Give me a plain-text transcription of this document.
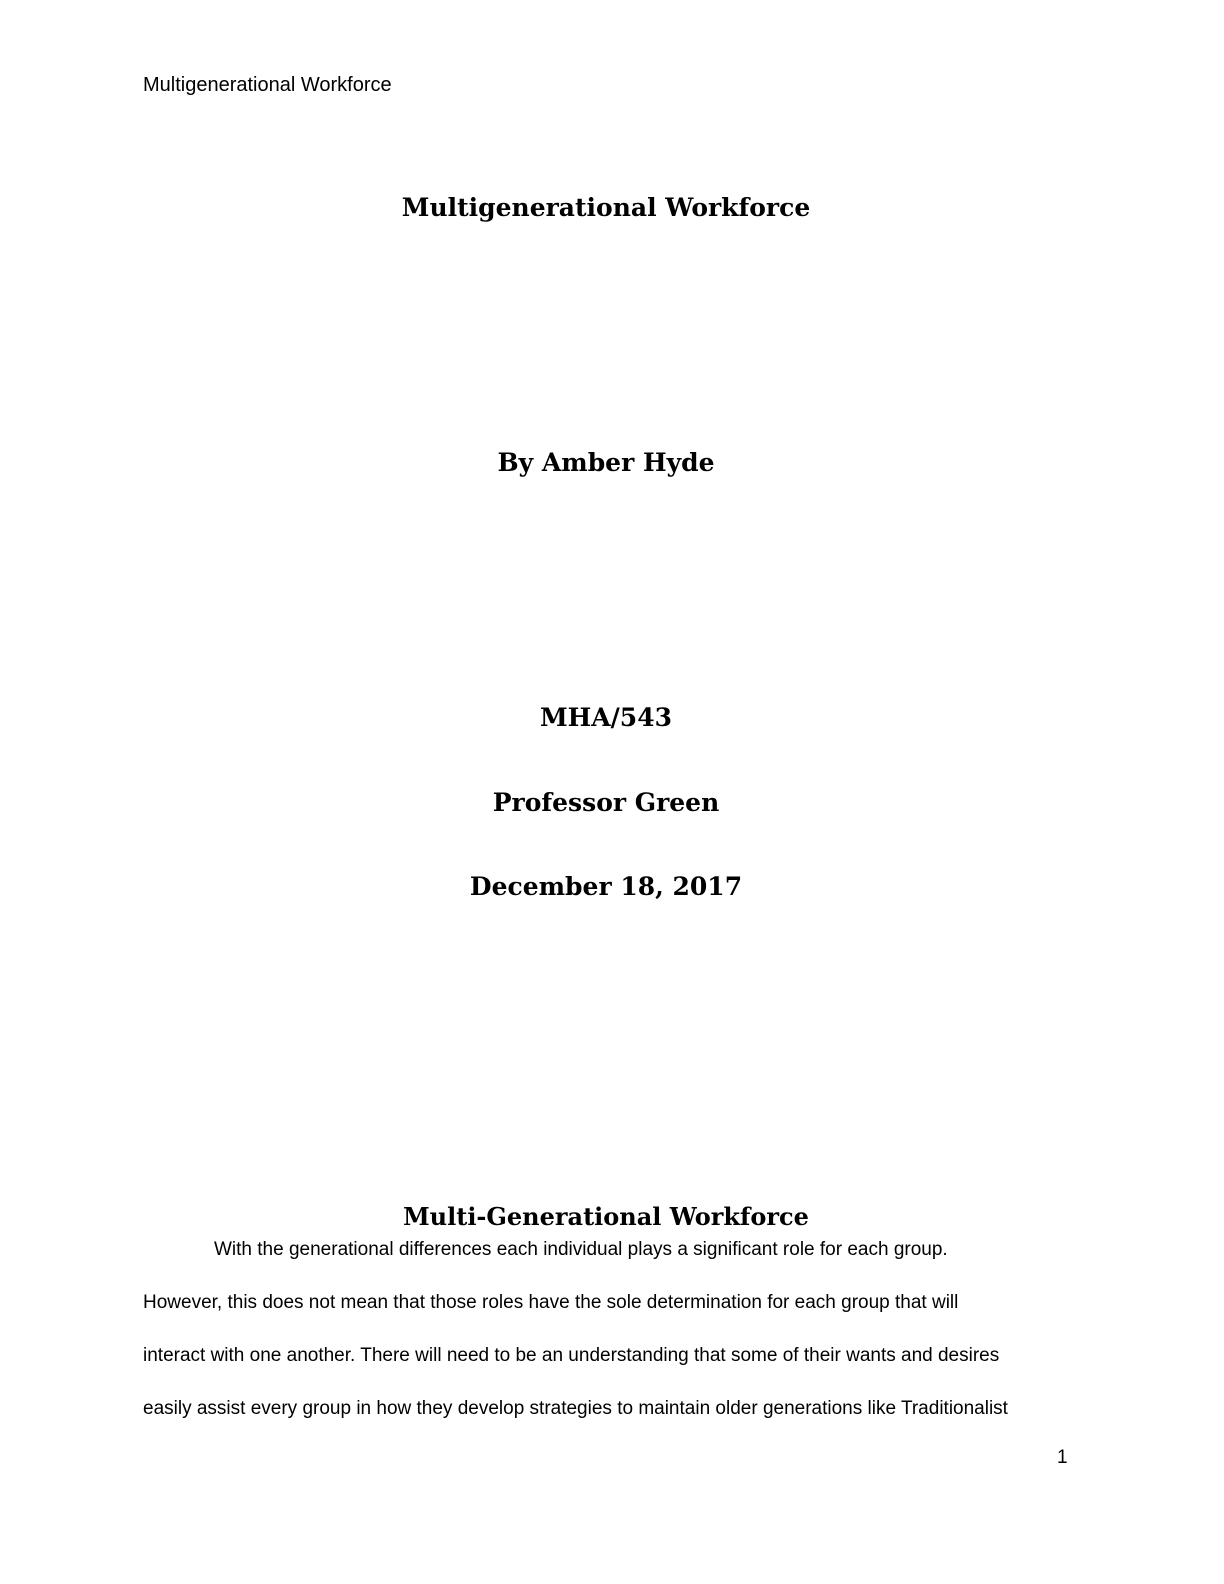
Multigenerational Workforce
Multigenerational Workforce
By Amber Hyde
MHA/543
Professor Green
December 18, 2017
Multi-Generational Workforce
With the generational differences each individual plays a significant role for each group.
However, this does not mean that those roles have the sole determination for each group that will
interact with one another. There will need to be an understanding that some of their wants and desires
easily assist every group in how they develop strategies to maintain older generations like Traditionalist
1
